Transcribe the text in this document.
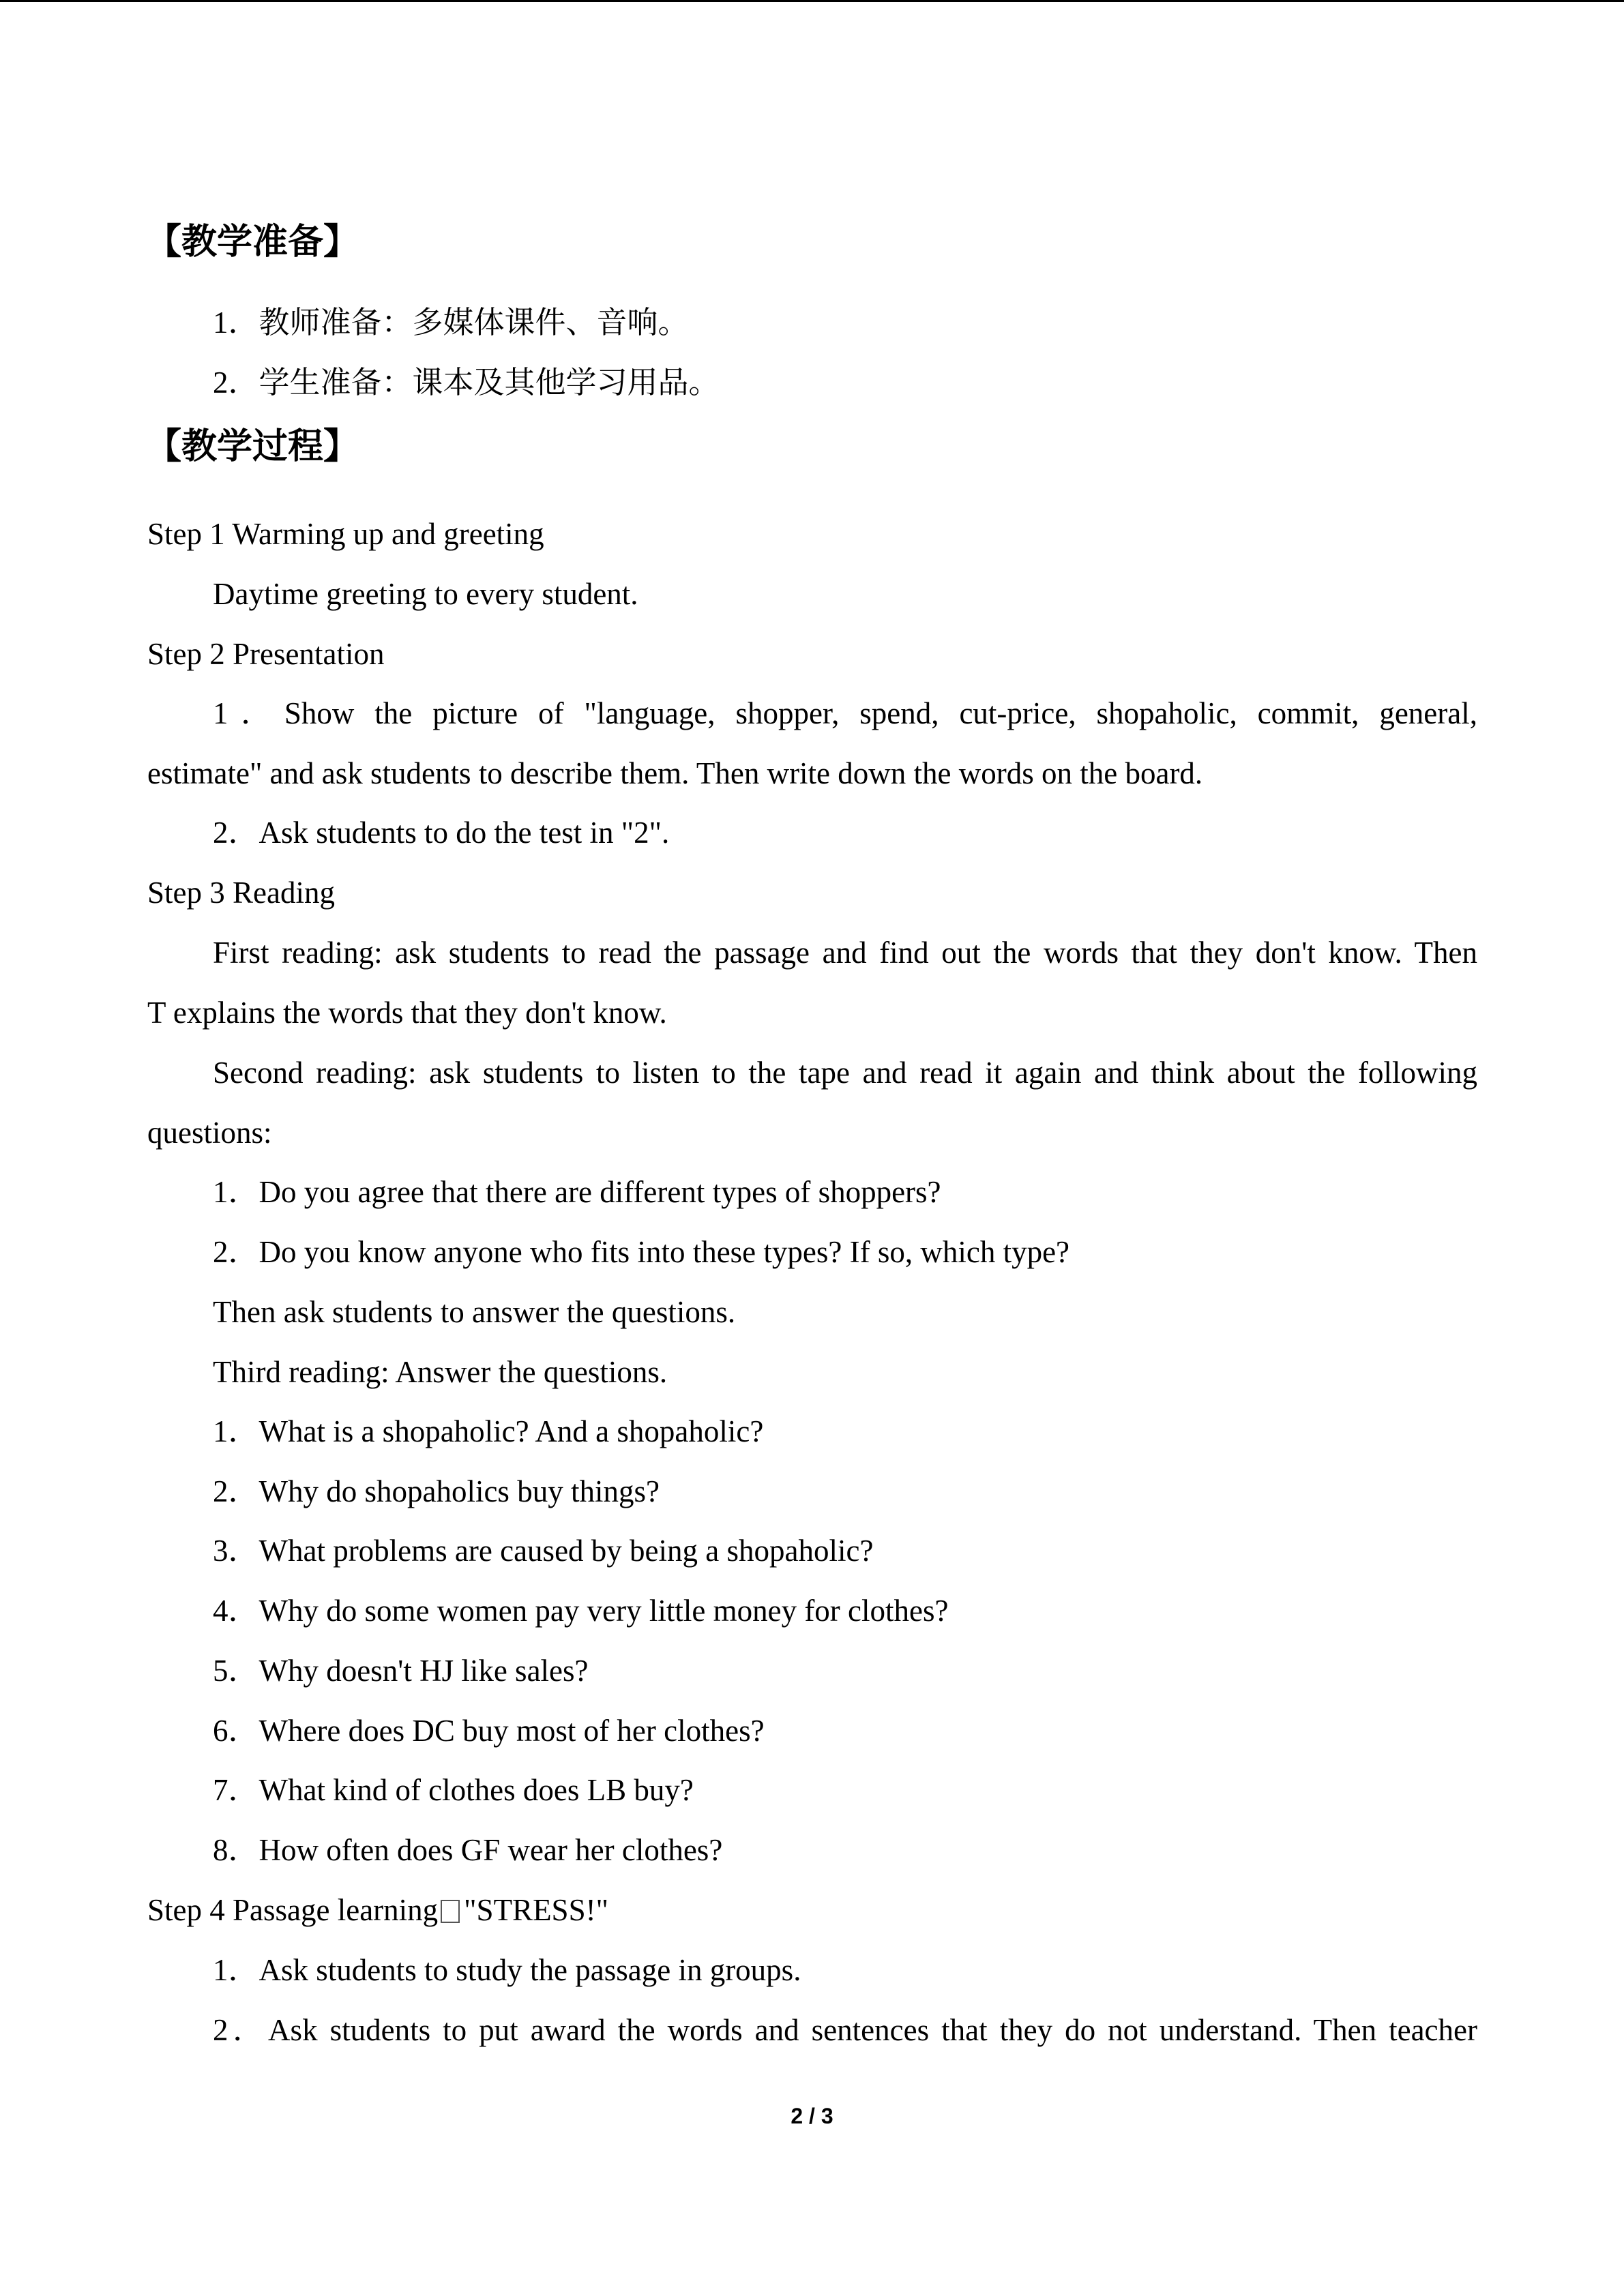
【教学准备】
1．教师准备：多媒体课件、音响。
2．学生准备：课本及其他学习用品。
【教学过程】
Step 1 Warming up and greeting
Daytime greeting to every student.
Step 2 Presentation
1．Show the picture of "language, shopper, spend, cut-price, shopaholic, commit, general,
estimate" and ask students to describe them. Then write down the words on the board.
2．Ask students to do the test in "2".
Step 3 Reading
First reading: ask students to read the passage and find out the words that they don't know. Then
T explains the words that they don't know.
Second reading: ask students to listen to the tape and read it again and think about the following
questions:
1．Do you agree that there are different types of shoppers?
2．Do you know anyone who fits into these types? If so, which type?
Then ask students to answer the questions.
Third reading: Answer the questions.
1．What is a shopaholic? And a shopaholic?
2．Why do shopaholics buy things?
3．What problems are caused by being a shopaholic?
4．Why do some women pay very little money for clothes?
5．Why doesn't HJ like sales?
6．Where does DC buy most of her clothes?
7．What kind of clothes does LB buy?
8．How often does GF wear her clothes?
Step 4 Passage learning "STRESS!"
1．Ask students to study the passage in groups.
2．Ask students to put award the words and sentences that they do not understand. Then teacher
2 / 3
